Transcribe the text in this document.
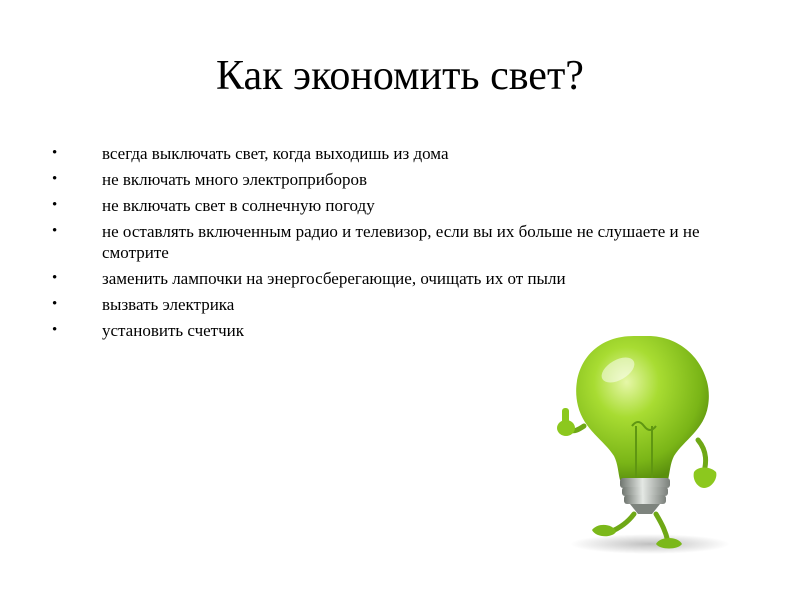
Как экономить свет?
•	всегда выключать свет, когда выходишь из дома
•	не включать много электроприборов
•	не включать свет в солнечную погоду
•	не оставлять включенным радио и телевизор, если вы их больше не слушаете и не смотрите
•	заменить лампочки на энергосберегающие, очищать их от пыли
•	вызвать электрика
•	установить счетчик
